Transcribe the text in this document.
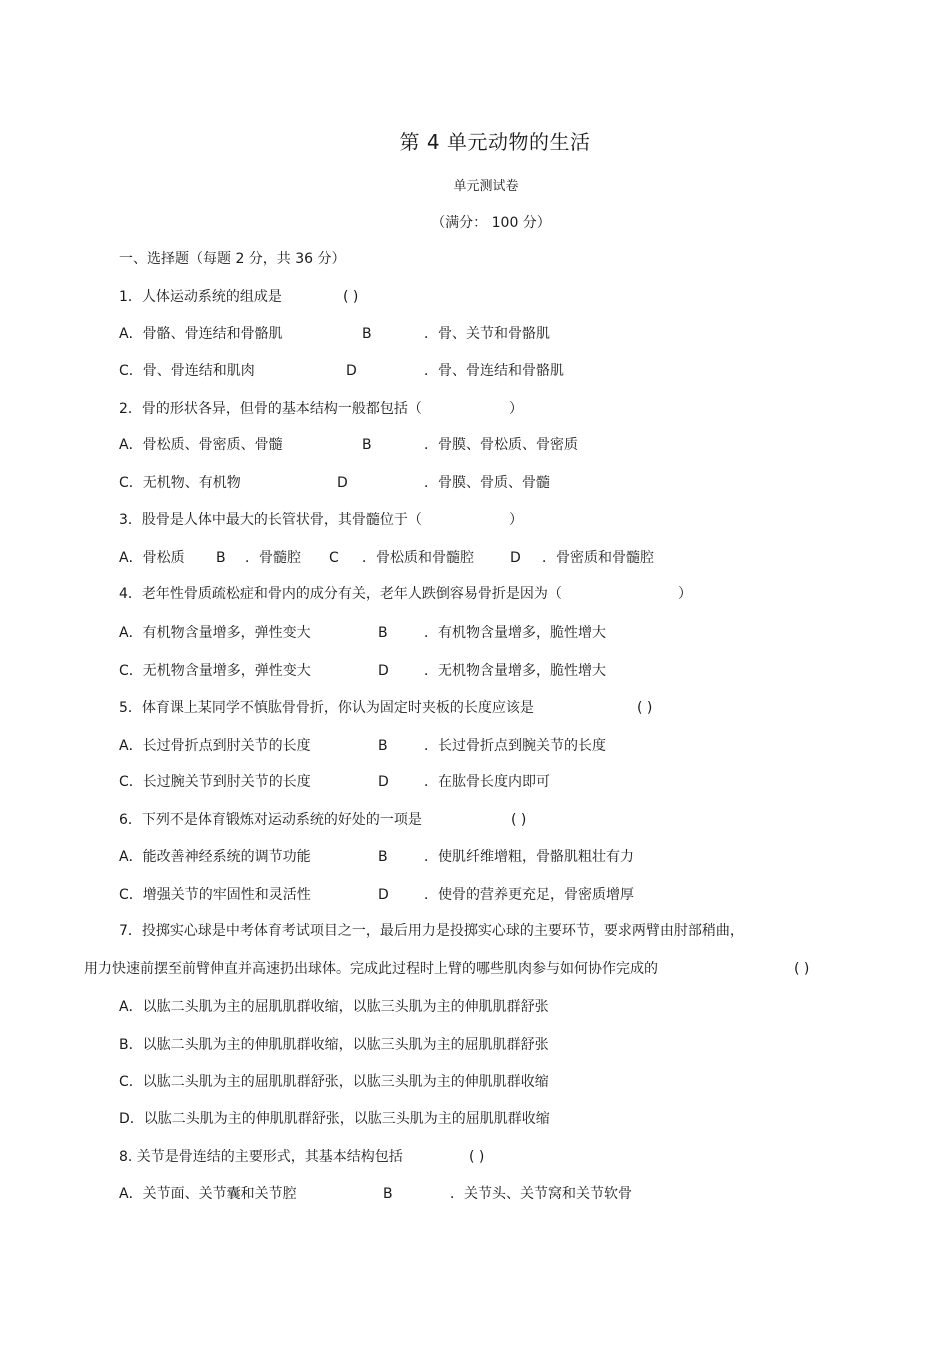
第 4 单元动物的生活
单元测试卷
（满分： 100 分）
一、选择题（每题 2 分，共 36 分）
1．人体运动系统的组成是	( )
A．骨骼、骨连结和骨骼肌	B	．骨、关节和骨骼肌
C．骨、骨连结和肌肉	D	．骨、骨连结和骨骼肌
2．骨的形状各异，但骨的基本结构一般都包括（	）
A．骨松质、骨密质、骨髓	B	．骨膜、骨松质、骨密质
C．无机物、有机物	D	．骨膜、骨质、骨髓
3．股骨是人体中最大的长管状骨，其骨髓位于（	）
A．骨松质 B ．骨髓腔 C ．骨松质和骨髓腔	D ．骨密质和骨髓腔
4．老年性骨质疏松症和骨内的成分有关，老年人跌倒容易骨折是因为（	）
A．有机物含量增多，弹性变大	B	．有机物含量增多，脆性增大
C．无机物含量增多，弹性变大	D	．无机物含量增多，脆性增大
5．体育课上某同学不慎肱骨骨折，你认为固定时夹板的长度应该是	( )
A．长过骨折点到肘关节的长度	B	．长过骨折点到腕关节的长度
C．长过腕关节到肘关节的长度	D	．在肱骨长度内即可
6．下列不是体育锻炼对运动系统的好处的一项是	( )
A．能改善神经系统的调节功能	B	．使肌纤维增粗，骨骼肌粗壮有力
C．增强关节的牢固性和灵活性	D	．使骨的营养更充足，骨密质增厚
7．投掷实心球是中考体育考试项目之一，最后用力是投掷实心球的主要环节，要求两臂由肘部稍曲，
用力快速前摆至前臂伸直并高速扔出球体。完成此过程时上臂的哪些肌肉参与如何协作完成的	( )
A．以肱二头肌为主的屈肌肌群收缩，以肱三头肌为主的伸肌肌群舒张
B．以肱二头肌为主的伸肌肌群收缩，以肱三头肌为主的屈肌肌群舒张
C．以肱二头肌为主的屈肌肌群舒张，以肱三头肌为主的伸肌肌群收缩
D．以肱二头肌为主的伸肌肌群舒张，以肱三头肌为主的屈肌肌群收缩
8. 关节是骨连结的主要形式，其基本结构包括	( )
A．关节面、关节囊和关节腔	B	．关节头、关节窝和关节软骨
